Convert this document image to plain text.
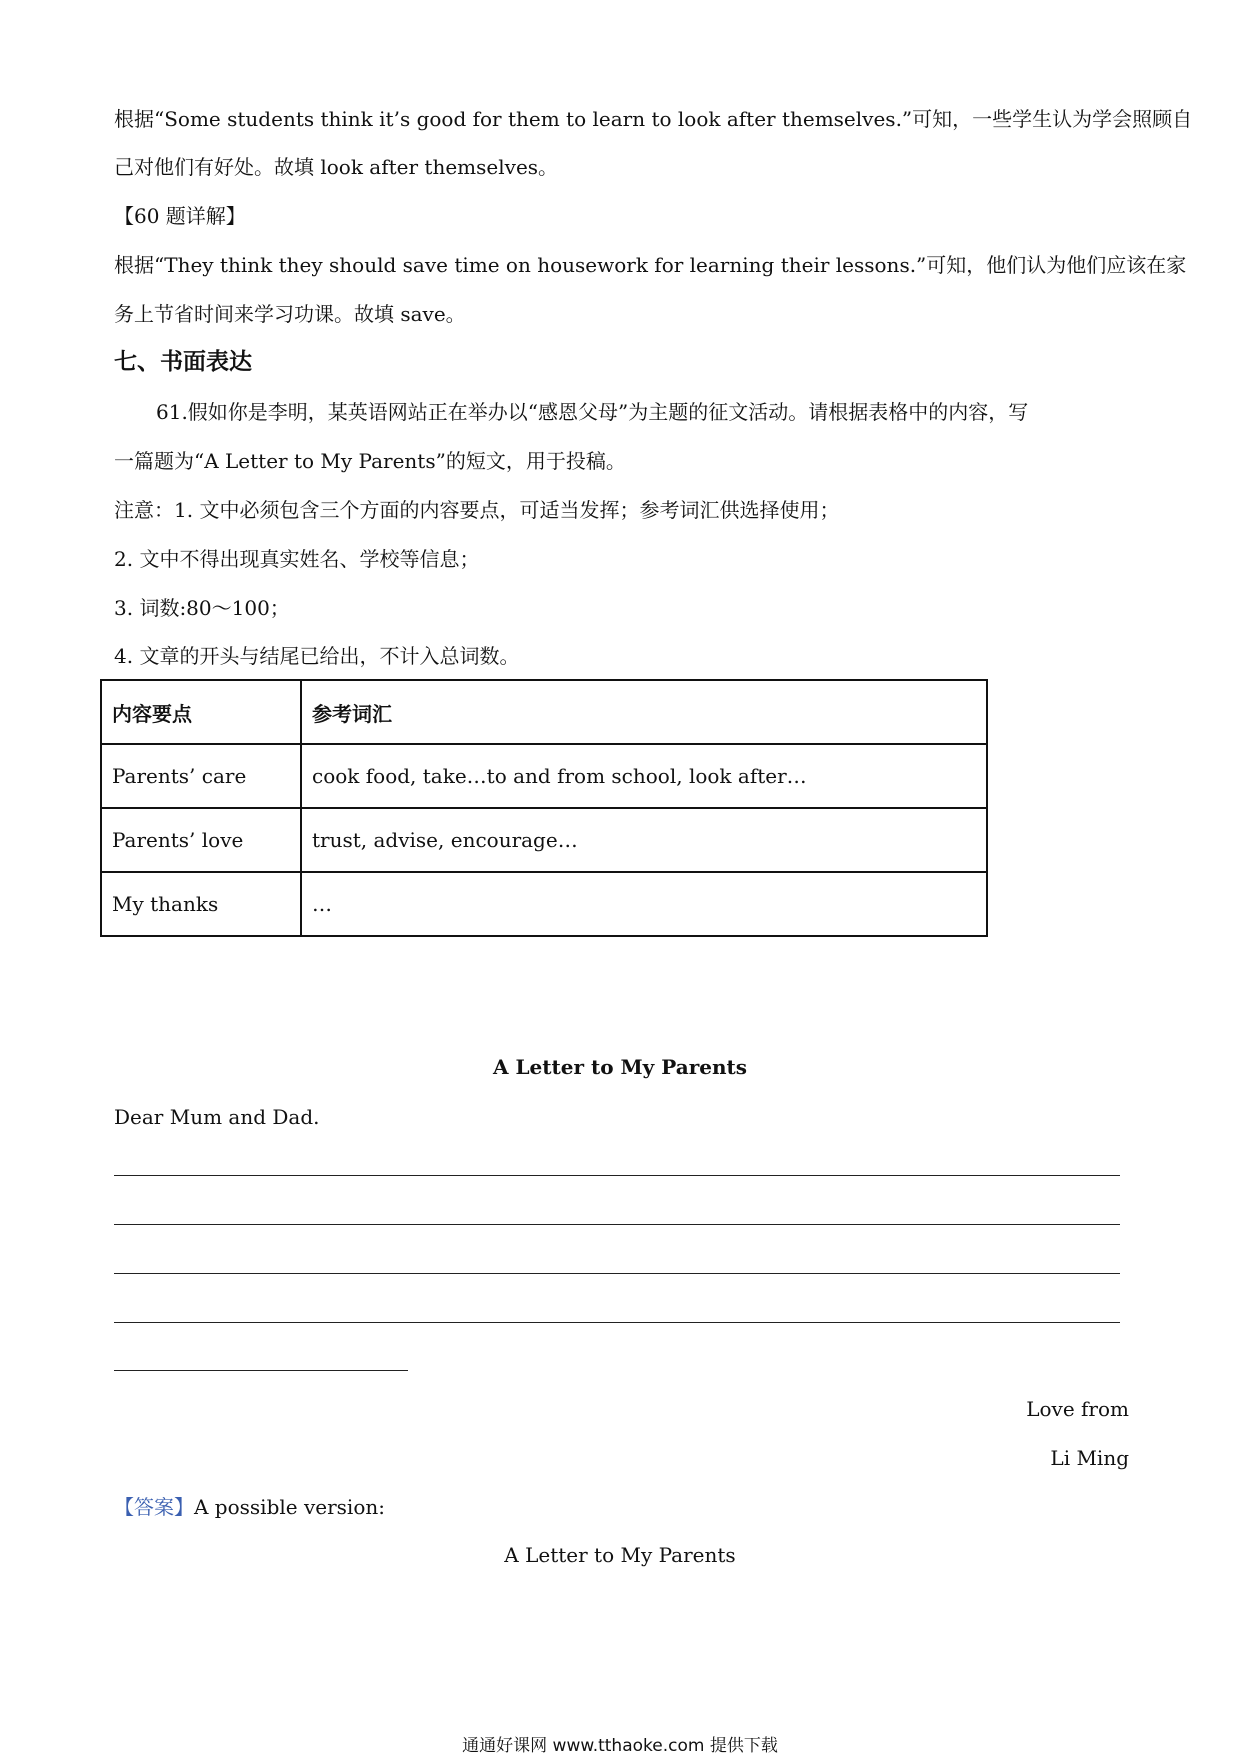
根据“Some students think it’s good for them to learn to look after themselves.”可知，一些学生认为学会照顾自
己对他们有好处。故填 look after themselves。
【60 题详解】
根据“They think they should save time on housework for learning their lessons.”可知，他们认为他们应该在家
务上节省时间来学习功课。故填 save。
七、书面表达
61.假如你是李明，某英语网站正在举办以“感恩父母”为主题的征文活动。请根据表格中的内容，写
一篇题为“A Letter to My Parents”的短文，用于投稿。
注意：1. 文中必须包含三个方面的内容要点，可适当发挥；参考词汇供选择使用；
2. 文中不得出现真实姓名、学校等信息；
3. 词数:80～100；
4. 文章的开头与结尾已给出，不计入总词数。
内容要点	参考词汇
Parents’ care	cook food, take…to and from school, look after…
Parents’ love	trust, advise, encourage…
My thanks	…
A Letter to My Parents
Dear Mum and Dad.
Love from
Li Ming
【答案】A possible version:
A Letter to My Parents
通通好课网 www.tthaoke.com 提供下载
